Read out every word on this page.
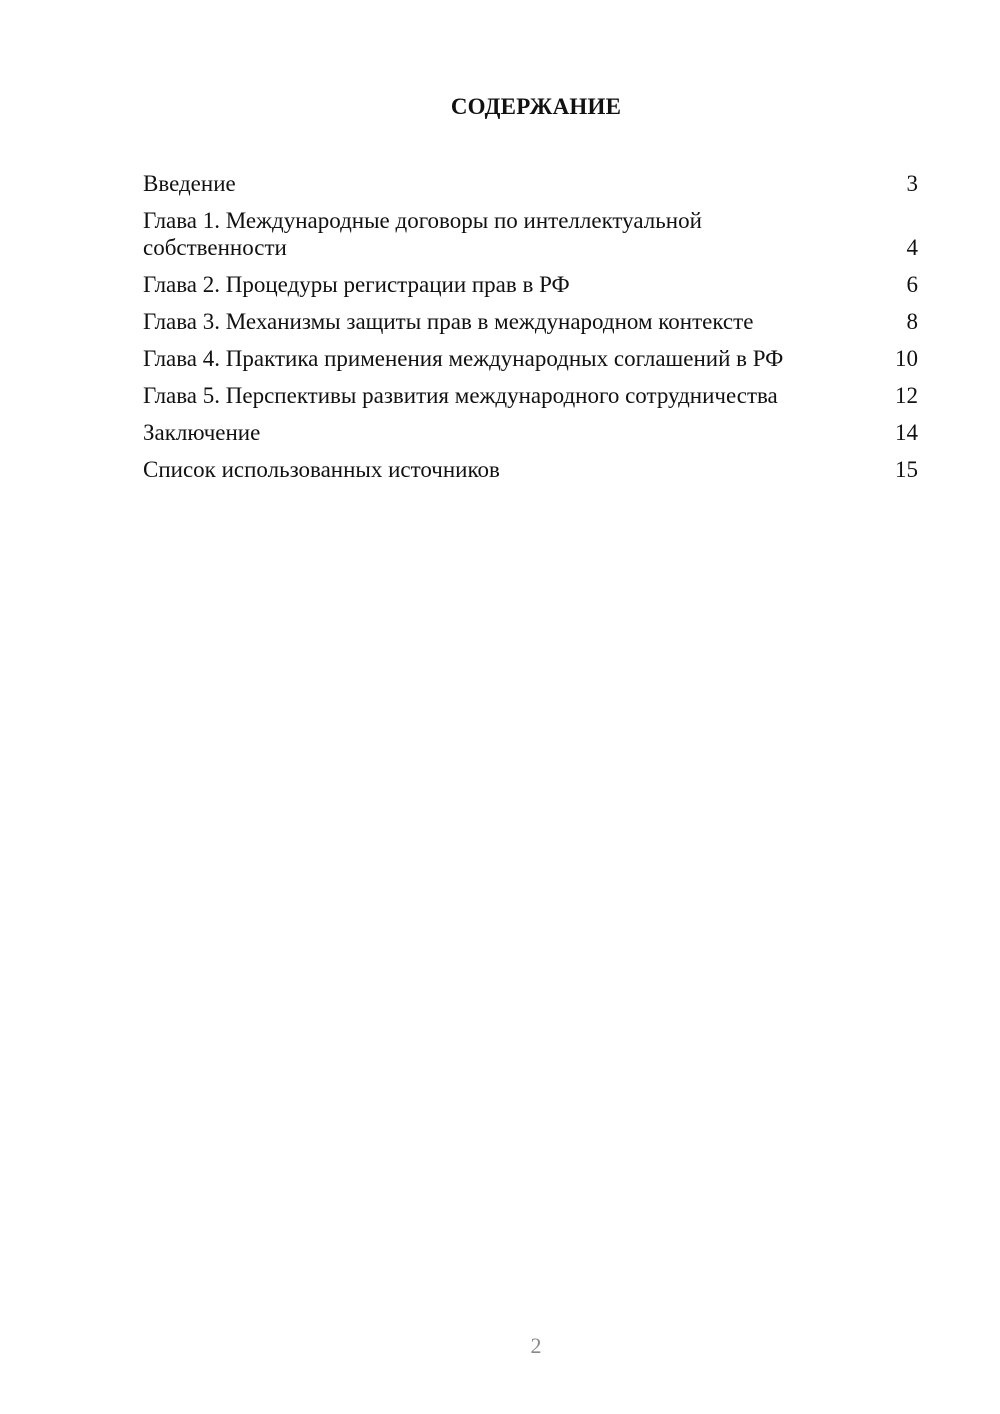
СОДЕРЖАНИЕ
Введение	3
Глава 1. Международные договоры по интеллектуальной собственности	4
Глава 2. Процедуры регистрации прав в РФ	6
Глава 3. Механизмы защиты прав в международном контексте	8
Глава 4. Практика применения международных соглашений в РФ	10
Глава 5. Перспективы развития международного сотрудничества	12
Заключение	14
Список использованных источников	15
2
